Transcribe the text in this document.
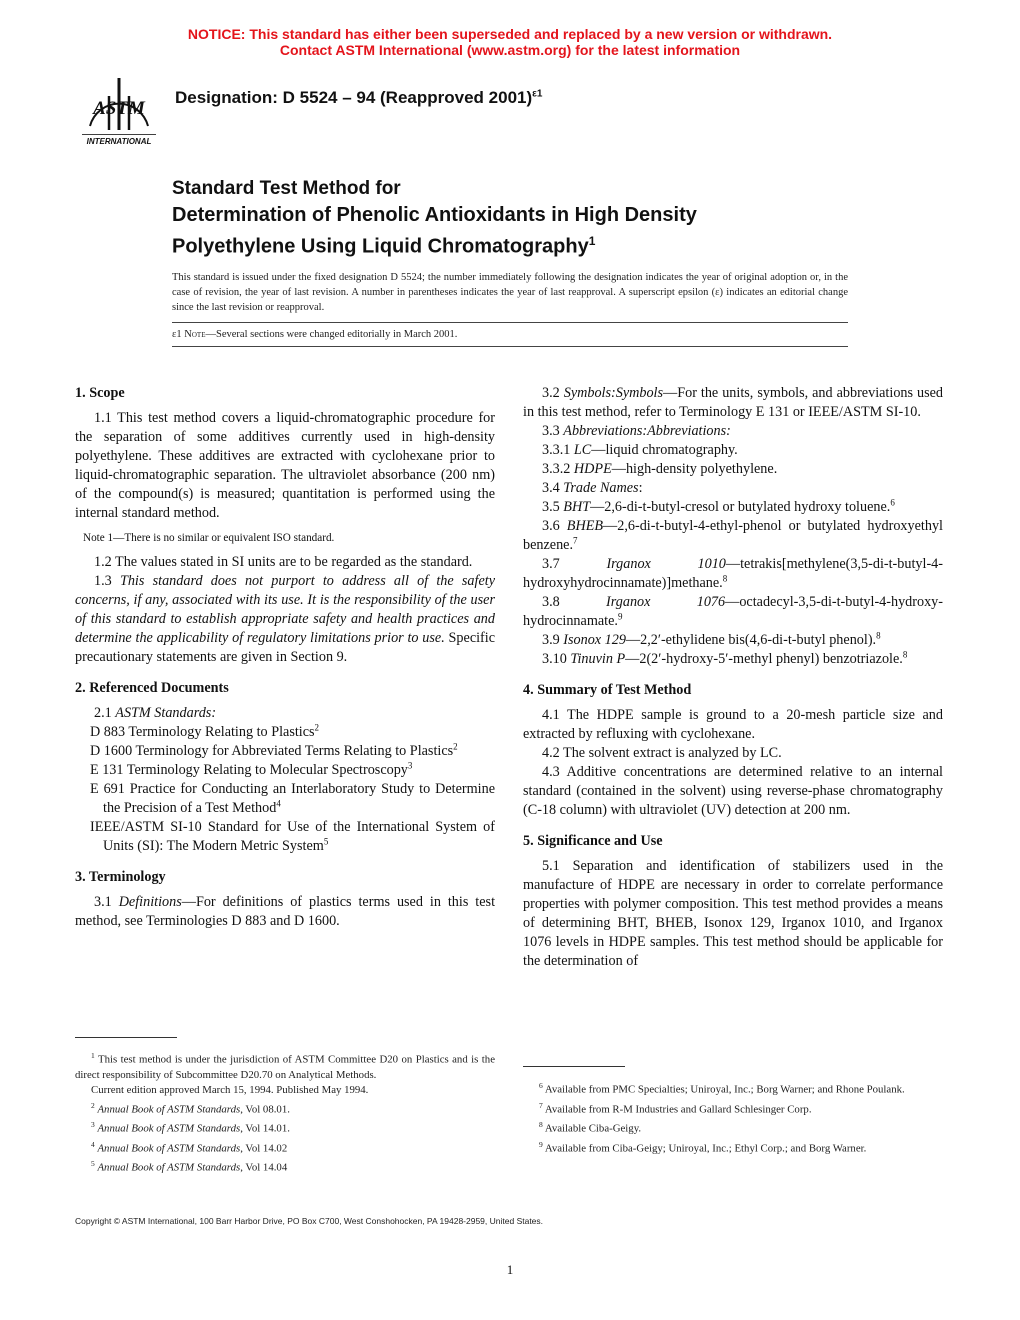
NOTICE: This standard has either been superseded and replaced by a new version or withdrawn.
Contact ASTM International (www.astm.org) for the latest information
ASTM
INTERNATIONAL
Designation: D 5524 – 94 (Reapproved 2001)$^{\varepsilon 1}$
Standard Test Method for
Determination of Phenolic Antioxidants in High Density
Polyethylene Using Liquid Chromatography$^1$
This standard is issued under the fixed designation D 5524; the number immediately following the designation indicates the year of original adoption or, in the case of revision, the year of last revision. A number in parentheses indicates the year of last reapproval. A superscript epsilon (ε) indicates an editorial change since the last revision or reapproval.
ε1 Note—Several sections were changed editorially in March 2001.
1. Scope

1.1 This test method covers a liquid-chromatographic procedure for the separation of some additives currently used in high-density polyethylene. These additives are extracted with cyclohexane prior to liquid-chromatographic separation. The ultraviolet absorbance (200 nm) of the compound(s) is measured; quantitation is performed using the internal standard method.

Note 1—There is no similar or equivalent ISO standard.

1.2 The values stated in SI units are to be regarded as the standard.

1.3 This standard does not purport to address all of the safety concerns, if any, associated with its use. It is the responsibility of the user of this standard to establish appropriate safety and health practices and determine the applicability of regulatory limitations prior to use. Specific precautionary statements are given in Section 9.

2. Referenced Documents

2.1 ASTM Standards:

D 883 Terminology Relating to Plastics$^2$

D 1600 Terminology for Abbreviated Terms Relating to Plastics$^2$

E 131 Terminology Relating to Molecular Spectroscopy$^3$

E 691 Practice for Conducting an Interlaboratory Study to Determine the Precision of a Test Method$^4$

IEEE/ASTM SI-10 Standard for Use of the International System of Units (SI): The Modern Metric System$^5$

3. Terminology

3.1 Definitions—For definitions of plastics terms used in this test method, see Terminologies D 883 and D 1600.

3.2 Symbols:Symbols—For the units, symbols, and abbreviations used in this test method, refer to Terminology E 131 or IEEE/ASTM SI-10.

3.3 Abbreviations:Abbreviations:

3.3.1 LC—liquid chromatography.

3.3.2 HDPE—high-density polyethylene.

3.4 Trade Names:

3.5 BHT—2,6-di-t-butyl-cresol or butylated hydroxy toluene.$^6$

3.6 BHEB—2,6-di-t-butyl-4-ethyl-phenol or butylated hydroxyethyl benzene.$^7$

3.7	Irganox 1010—tetrakis[methylene(3,5-di-t-butyl-4- hydroxyhydrocinnamate)]methane.$^8$

3.8	Irganox 1076—octadecyl-3,5-di-t-butyl-4-hydroxy- hydrocinnamate.$^9$

3.9 Isonox 129—2,2′-ethylidene bis(4,6-di-t-butyl phenol).$^8$

3.10 Tinuvin P—2(2′-hydroxy-5′-methyl phenyl) benzotriazole.$^8$

4. Summary of Test Method

4.1 The HDPE sample is ground to a 20-mesh particle size and extracted by refluxing with cyclohexane.

4.2 The solvent extract is analyzed by LC.

4.3 Additive concentrations are determined relative to an internal standard (contained in the solvent) using reverse-phase chromatography (C-18 column) with ultraviolet (UV) detection at 200 nm.

5. Significance and Use

5.1 Separation and identification of stabilizers used in the manufacture of HDPE are necessary in order to correlate performance properties with polymer composition. This test method provides a means of determining BHT, BHEB, Isonox 129, Irganox 1010, and Irganox 1076 levels in HDPE samples. This test method should be applicable for the determination of

$^1$ This test method is under the jurisdiction of ASTM Committee D20 on Plastics and is the direct responsibility of Subcommittee D20.70 on Analytical Methods.

Current edition approved March 15, 1994. Published May 1994.

$^2$ Annual Book of ASTM Standards, Vol 08.01.

$^3$ Annual Book of ASTM Standards, Vol 14.01.

$^4$ Annual Book of ASTM Standards, Vol 14.02

$^5$ Annual Book of ASTM Standards, Vol 14.04

$^6$ Available from PMC Specialties; Uniroyal, Inc.; Borg Warner; and Rhone Poulank.

$^7$ Available from R-M Industries and Gallard Schlesinger Corp.

$^8$ Available Ciba-Geigy.

$^9$ Available from Ciba-Geigy; Uniroyal, Inc.; Ethyl Corp.; and Borg Warner.

Copyright © ASTM International, 100 Barr Harbor Drive, PO Box C700, West Conshohocken, PA 19428-2959, United States.
1
